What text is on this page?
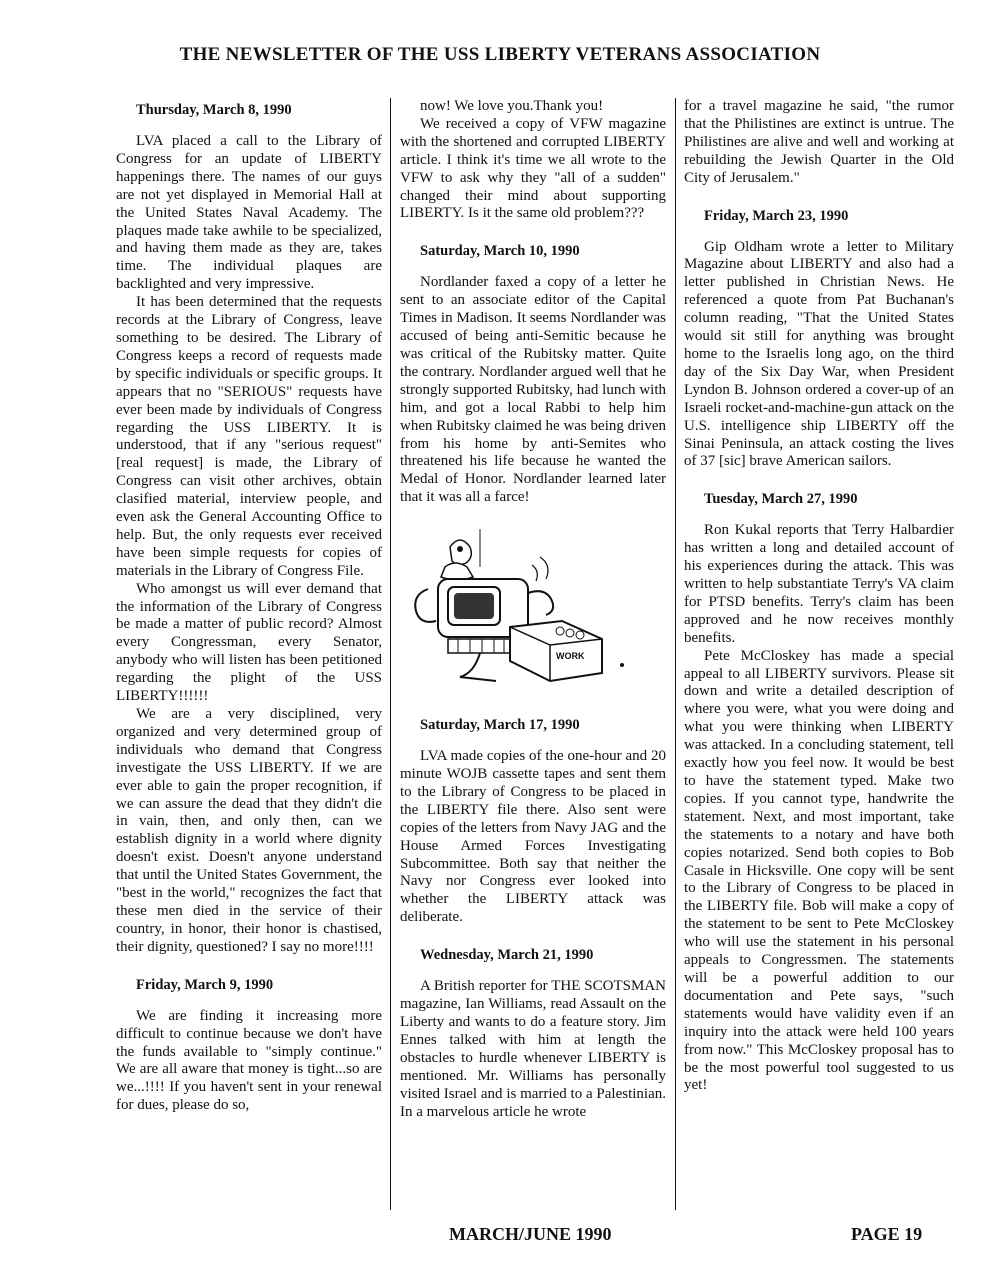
THE NEWSLETTER OF THE USS LIBERTY VETERANS ASSOCIATION
Thursday, March 8, 1990

LVA placed a call to the Library of Congress for an update of LIBERTY happenings there. The names of our guys are not yet displayed in Memorial Hall at the United States Naval Academy. The plaques made take awhile to be specialized, and having them made as they are, takes time. The individual plaques are backlighted and very impressive.

It has been determined that the requests records at the Library of Congress, leave something to be desired. The Library of Congress keeps a record of requests made by specific individuals or specific groups. It appears that no "SERIOUS" requests have ever been made by individuals of Congress regarding the USS LIBERTY. It is understood, that if any "serious request" [real request] is made, the Library of Congress can visit other archives, obtain clasified material, interview people, and even ask the General Accounting Office to help. But, the only requests ever received have been simple requests for copies of materials in the Library of Congress File.

Who amongst us will ever demand that the information of the Library of Congress be made a matter of public record? Almost every Congressman, every Senator, anybody who will listen has been petitioned regarding the plight of the USS LIBERTY!!!!!!

We are a very disciplined, very organized and very determined group of individuals who demand that Congress investigate the USS LIBERTY. If we are ever able to gain the proper recognition, if we can assure the dead that they didn't die in vain, then, and only then, can we establish dignity in a world where dignity doesn't exist. Doesn't anyone understand that until the United States Government, the "best in the world," recognizes the fact that these men died in the service of their country, in honor, their honor is chastised, their dignity, questioned? I say no more!!!!

Friday, March 9, 1990

We are finding it increasing more difficult to continue because we don't have the funds available to "simply continue." We are all aware that money is tight...so are we...!!!! If you haven't sent in your renewal for dues, please do so,

now! We love you.Thank you!

We received a copy of VFW magazine with the shortened and corrupted LIBERTY article. I think it's time we all wrote to the VFW to ask why they "all of a sudden" changed their mind about supporting LIBERTY. Is it the same old problem???

Saturday, March 10, 1990

Nordlander faxed a copy of a letter he sent to an associate editor of the Capital Times in Madison. It seems Nordlander was accused of being anti-Semitic because he was critical of the Rubitsky matter. Quite the contrary. Nordlander argued well that he strongly supported Rubitsky, had lunch with him, and got a local Rabbi to help him when Rubitsky claimed he was being driven from his home by anti-Semites who threatened his life because he wanted the Medal of Honor. Nordlander learned later that it was all a farce!

WORK
Saturday, March 17, 1990

LVA made copies of the one-hour and 20 minute WOJB cassette tapes and sent them to the Library of Congress to be placed in the LIBERTY file there. Also sent were copies of the letters from Navy JAG and the House Armed Forces Investigating Subcommittee. Both say that neither the Navy nor Congress ever looked into whether the LIBERTY attack was deliberate.

Wednesday, March 21, 1990

A British reporter for THE SCOTSMAN magazine, Ian Williams, read Assault on the Liberty and wants to do a feature story. Jim Ennes talked with him at length the obstacles to hurdle whenever LIBERTY is mentioned. Mr. Williams has personally visited Israel and is married to a Palestinian. In a marvelous article he wrote

for a travel magazine he said, "the rumor that the Philistines are extinct is untrue. The Philistines are alive and well and working at rebuilding the Jewish Quarter in the Old City of Jerusalem."

Friday, March 23, 1990

Gip Oldham wrote a letter to Military Magazine about LIBERTY and also had a letter published in Christian News. He referenced a quote from Pat Buchanan's column reading, "That the United States would sit still for anything was brought home to the Israelis long ago, on the third day of the Six Day War, when President Lyndon B. Johnson ordered a cover-up of an Israeli rocket-and-machine-gun attack on the U.S. intelligence ship LIBERTY off the Sinai Peninsula, an attack costing the lives of 37 [sic] brave American sailors.

Tuesday, March 27, 1990

Ron Kukal reports that Terry Halbardier has written a long and detailed account of his experiences during the attack. This was written to help substantiate Terry's VA claim for PTSD benefits. Terry's claim has been approved and he now receives monthly benefits.

Pete McCloskey has made a special appeal to all LIBERTY survivors. Please sit down and write a detailed description of where you were, what you were doing and what you were thinking when LIBERTY was attacked. In a concluding statement, tell exactly how you feel now. It would be best to have the statement typed. Make two copies. If you cannot type, handwrite the statement. Next, and most important, take the statements to a notary and have both copies notarized. Send both copies to Bob Casale in Hicksville. One copy will be sent to the Library of Congress to be placed in the LIBERTY file. Bob will make a copy of the statement to be sent to Pete McCloskey who will use the statement in his personal appeals to Congressmen. The statements will be a powerful addition to our documentation and Pete says, "such statements would have validity even if an inquiry into the attack were held 100 years from now." This McCloskey proposal has to be the most powerful tool suggested to us yet!

MARCH/JUNE 1990	PAGE 19
